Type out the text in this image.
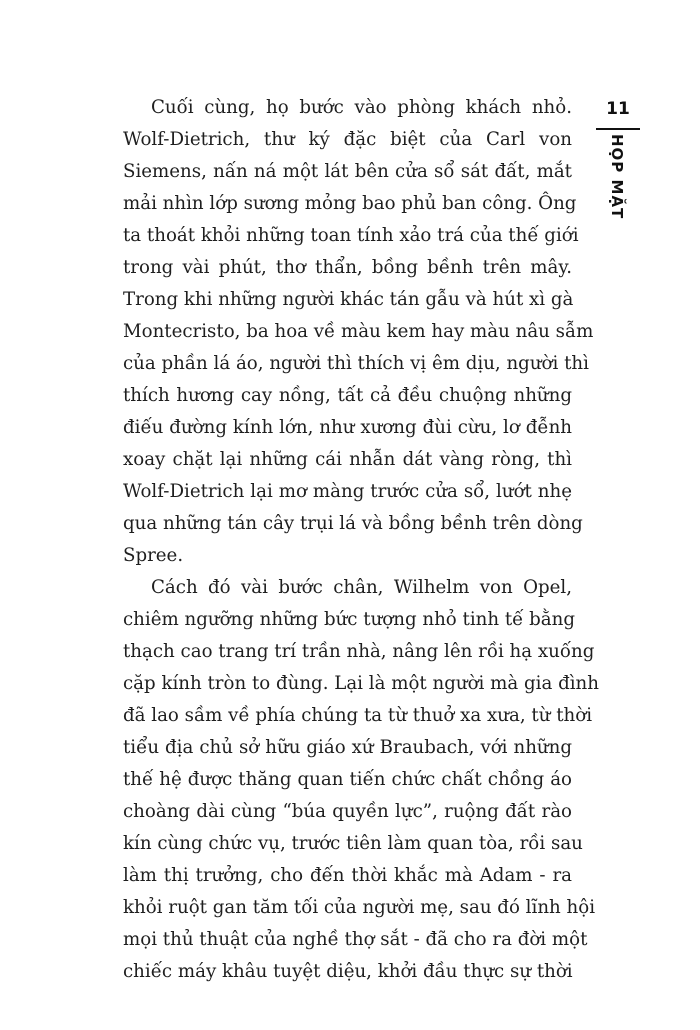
11
HỌP MẶT

Cuối cùng, họ bước vào phòng khách nhỏ.
Wolf-Dietrich, thư ký đặc biệt của Carl von
Siemens, nấn ná một lát bên cửa sổ sát đất, mắt
mải nhìn lớp sương mỏng bao phủ ban công. Ông
ta thoát khỏi những toan tính xảo trá của thế giới
trong vài phút, thơ thẩn, bồng bềnh trên mây.
Trong khi những người khác tán gẫu và hút xì gà
Montecristo, ba hoa về màu kem hay màu nâu sẫm
của phần lá áo, người thì thích vị êm dịu, người thì
thích hương cay nồng, tất cả đều chuộng những
điếu đường kính lớn, như xương đùi cừu, lơ đễnh
xoay chặt lại những cái nhẫn dát vàng ròng, thì
Wolf-Dietrich lại mơ màng trước cửa sổ, lướt nhẹ
qua những tán cây trụi lá và bồng bềnh trên dòng
Spree.

Cách đó vài bước chân, Wilhelm von Opel,
chiêm ngưỡng những bức tượng nhỏ tinh tế bằng
thạch cao trang trí trần nhà, nâng lên rồi hạ xuống
cặp kính tròn to đùng. Lại là một người mà gia đình
đã lao sầm về phía chúng ta từ thuở xa xưa, từ thời
tiểu địa chủ sở hữu giáo xứ Braubach, với những
thế hệ được thăng quan tiến chức chất chồng áo
choàng dài cùng “búa quyền lực”, ruộng đất rào
kín cùng chức vụ, trước tiên làm quan tòa, rồi sau
làm thị trưởng, cho đến thời khắc mà Adam - ra
khỏi ruột gan tăm tối của người mẹ, sau đó lĩnh hội
mọi thủ thuật của nghề thợ sắt - đã cho ra đời một
chiếc máy khâu tuyệt diệu, khởi đầu thực sự thời
